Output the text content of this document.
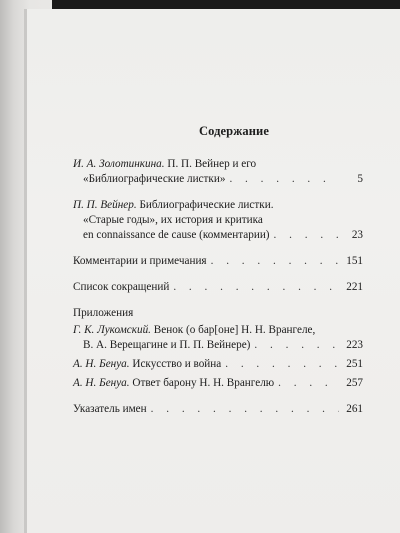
Содержание
И. А. Золотинкина.
П. П. Вейнер и его
«Библиографические листки» . . .	5
П. П. Вейнер.
Библиографические листки.
«Старые годы», их история и критика
en connaissance de cause (комментарии) . . .	23
Комментарии и примечания . . .	151
Список сокращений . . .	221
Приложения
Г. К. Лукомский.
Венок (о бар[оне] Н. Н. Врангеле,
В. А. Верещагине и П. П. Вейнере) . . .	223
А. Н. Бенуа.
Искусство и война . . .	251
А. Н. Бенуа.
Ответ барону Н. Н. Врангелю . . .	257
Указатель имен . . .	261
